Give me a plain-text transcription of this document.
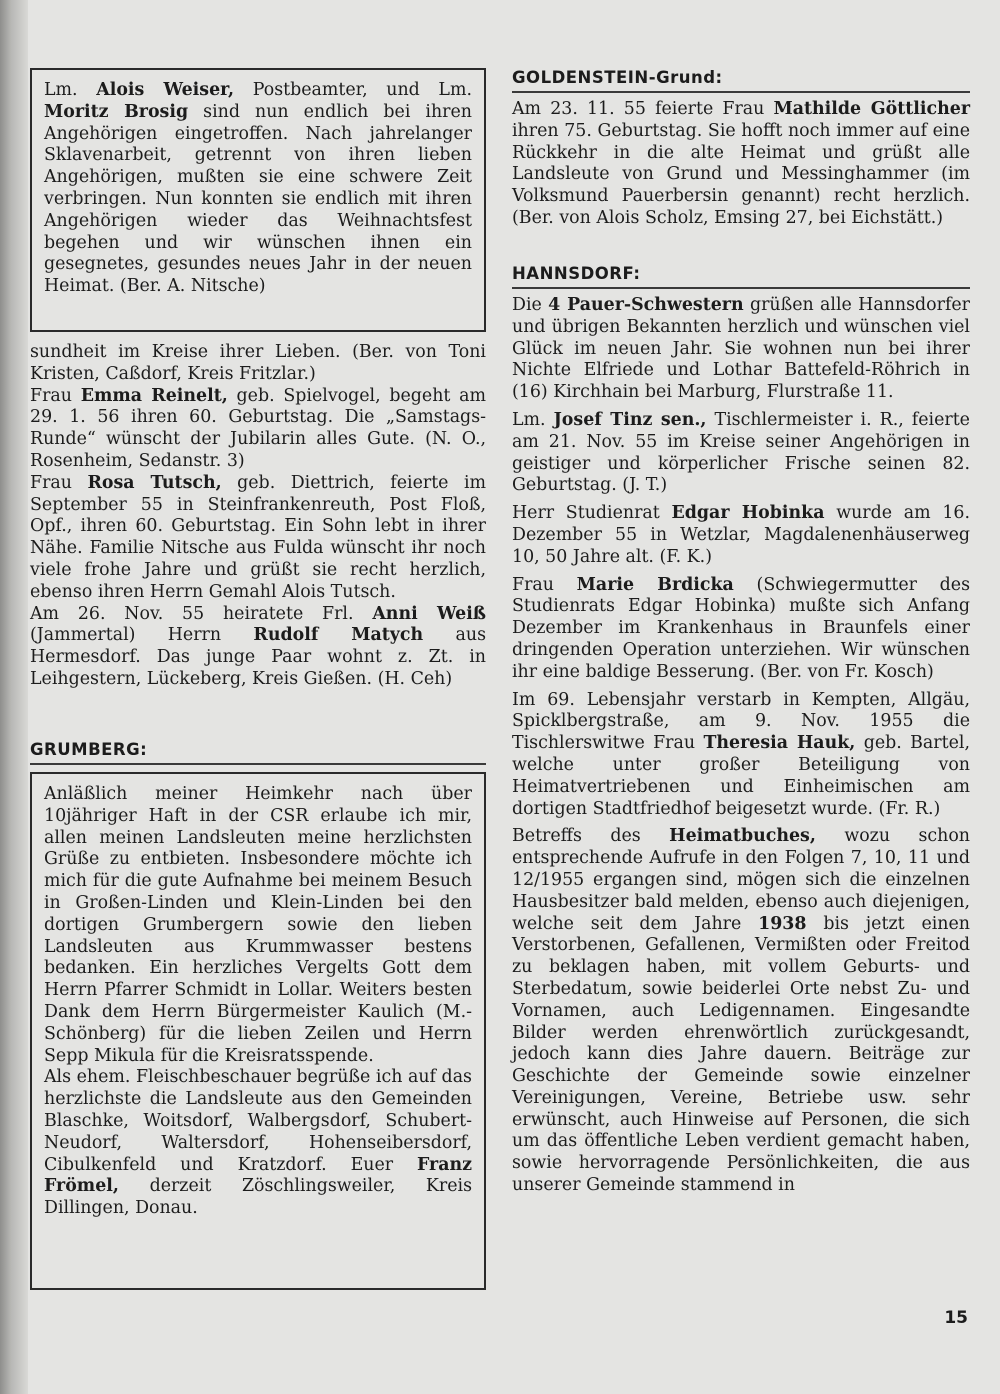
Lm. Alois Weiser, Postbeamter, und Lm. Moritz Brosig sind nun endlich bei ihren Angehörigen eingetroffen. Nach jahrelanger Sklavenarbeit, getrennt von ihren lieben Angehörigen, mußten sie eine schwere Zeit verbringen. Nun konnten sie endlich mit ihren Angehörigen wieder das Weihnachtsfest begehen und wir wünschen ihnen ein gesegnetes, gesundes neues Jahr in der neuen Heimat. (Ber. A. Nitsche)

sundheit im Kreise ihrer Lieben. (Ber. von Toni Kristen, Caßdorf, Kreis Fritzlar.)

Frau Emma Reinelt, geb. Spielvogel, begeht am 29. 1. 56 ihren 60. Geburtstag. Die „Samstags-Runde“ wünscht der Jubilarin alles Gute. (N. O., Rosenheim, Sedanstr. 3)

Frau Rosa Tutsch, geb. Diettrich, feierte im September 55 in Steinfrankenreuth, Post Floß, Opf., ihren 60. Geburtstag. Ein Sohn lebt in ihrer Nähe. Familie Nitsche aus Fulda wünscht ihr noch viele frohe Jahre und grüßt sie recht herzlich, ebenso ihren Herrn Gemahl Alois Tutsch.

Am 26. Nov. 55 heiratete Frl. Anni Weiß (Jammertal) Herrn Rudolf Matych aus Hermesdorf. Das junge Paar wohnt z. Zt. in Leihgestern, Lückeberg, Kreis Gießen. (H. Ceh)

GRUMBERG:

Anläßlich meiner Heimkehr nach über 10jähriger Haft in der CSR erlaube ich mir, allen meinen Landsleuten meine herzlichsten Grüße zu entbieten. Insbesondere möchte ich mich für die gute Aufnahme bei meinem Besuch in Großen-Linden und Klein-Linden bei den dortigen Grumbergern sowie den lieben Landsleuten aus Krummwasser bestens bedanken. Ein herzliches Vergelts Gott dem Herrn Pfarrer Schmidt in Lollar. Weiters besten Dank dem Herrn Bürgermeister Kaulich (M.-Schönberg) für die lieben Zeilen und Herrn Sepp Mikula für die Kreisratsspende.

Als ehem. Fleischbeschauer begrüße ich auf das herzlichste die Landsleute aus den Gemeinden Blaschke, Woitsdorf, Walbergsdorf, Schubert-Neudorf, Waltersdorf, Hohenseibersdorf, Cibulkenfeld und Kratzdorf. Euer Franz Frömel, derzeit Zöschlingsweiler, Kreis Dillingen, Donau.

GOLDENSTEIN-Grund:

Am 23. 11. 55 feierte Frau Mathilde Göttlicher ihren 75. Geburtstag. Sie hofft noch immer auf eine Rückkehr in die alte Heimat und grüßt alle Landsleute von Grund und Messinghammer (im Volksmund Pauerbersin genannt) recht herzlich. (Ber. von Alois Scholz, Emsing 27, bei Eichstätt.)

HANNSDORF:

Die 4 Pauer-Schwestern grüßen alle Hannsdorfer und übrigen Bekannten herzlich und wünschen viel Glück im neuen Jahr. Sie wohnen nun bei ihrer Nichte Elfriede und Lothar Battefeld-Röhrich in (16) Kirchhain bei Marburg, Flurstraße 11.

Lm. Josef Tinz sen., Tischlermeister i. R., feierte am 21. Nov. 55 im Kreise seiner Angehörigen in geistiger und körperlicher Frische seinen 82. Geburtstag. (J. T.)

Herr Studienrat Edgar Hobinka wurde am 16. Dezember 55 in Wetzlar, Magdalenenhäuserweg 10, 50 Jahre alt. (F. K.)

Frau Marie Brdicka (Schwiegermutter des Studienrats Edgar Hobinka) mußte sich Anfang Dezember im Krankenhaus in Braunfels einer dringenden Operation unterziehen. Wir wünschen ihr eine baldige Besserung. (Ber. von Fr. Kosch)

Im 69. Lebensjahr verstarb in Kempten, Allgäu, Spicklbergstraße, am 9. Nov. 1955 die Tischlerswitwe Frau Theresia Hauk, geb. Bartel, welche unter großer Beteiligung von Heimatvertriebenen und Einheimischen am dortigen Stadtfriedhof beigesetzt wurde. (Fr. R.)

Betreffs des Heimatbuches, wozu schon entsprechende Aufrufe in den Folgen 7, 10, 11 und 12/1955 ergangen sind, mögen sich die einzelnen Hausbesitzer bald melden, ebenso auch diejenigen, welche seit dem Jahre 1938 bis jetzt einen Verstorbenen, Gefallenen, Vermißten oder Freitod zu beklagen haben, mit vollem Geburts- und Sterbedatum, sowie beiderlei Orte nebst Zu- und Vornamen, auch Ledigennamen. Eingesandte Bilder werden ehrenwörtlich zurückgesandt, jedoch kann dies Jahre dauern. Beiträge zur Geschichte der Gemeinde sowie einzelner Vereinigungen, Vereine, Betriebe usw. sehr erwünscht, auch Hinweise auf Personen, die sich um das öffentliche Leben verdient gemacht haben, sowie hervorragende Persönlichkeiten, die aus unserer Gemeinde stammend in

15
